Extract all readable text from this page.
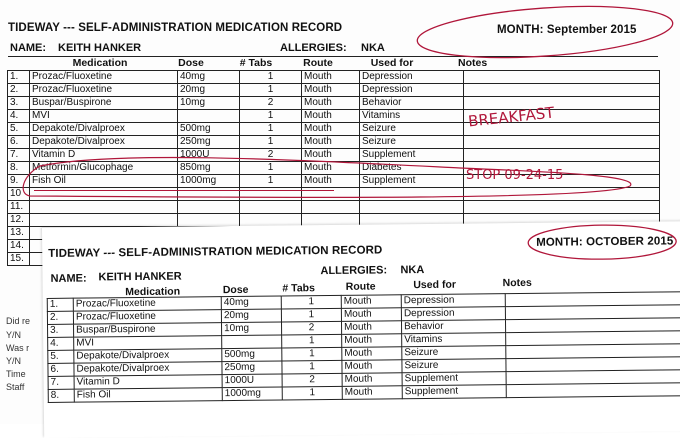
TIDEWAY --- SELF-ADMINISTRATION MEDICATION RECORD	MONTH: September 2​015
NAME: KEITH HANKER	ALLERGIES: NKA
Medication	Dose	# Tabs	Route	Used for	Notes
1.	Prozac/Fluoxetine	40mg	1	Mouth	Depression	
2.	Prozac/Fluoxetine	20mg	1	Mouth	Depression	
3.	Buspar/Buspirone	10mg	2	Mouth	Behavior	
4.	MVI		1	Mouth	Vitamins	
5.	Depakote/Divalproex	500mg	1	Mouth	Seizure	
6.	Depakote/Divalproex	250mg	1	Mouth	Seizure	
7.	Vitamin D	1000U	2	Mouth	Supplement	
8.	Metformin/Glucophage	850mg	1	Mouth	Diabetes	
9.	Fish Oil	1000mg	1	Mouth	Supplement	
10						
11.						
12.						
13.						
14.						
15.						
Did re
Y/N
Was r
Y/N
Time
Staff
BREAKFAST
STOP 09-24-15
TIDEWAY --- SELF-ADMINISTRATION MEDICATION RECORD
MONTH: OCTOBER 2​015
NAME: KEITH HANKER	ALLERGIES: NKA
Medication	Dose	# Tabs	Route	Used for	Notes
1.	Prozac/Fluoxetine	40mg	1	Mouth	Depression	
2.	Prozac/Fluoxetine	20mg	1	Mouth	Depression	
3.	Buspar/Buspirone	10mg	2	Mouth	Behavior	
4.	MVI		1	Mouth	Vitamins	
5.	Depakote/Divalproex	500mg	1	Mouth	Seizure	
6.	Depakote/Divalproex	250mg	1	Mouth	Seizure	
7.	Vitamin D	1000U	2	Mouth	Supplement	
8.	Fish Oil	1000mg	1	Mouth	Supplement	
